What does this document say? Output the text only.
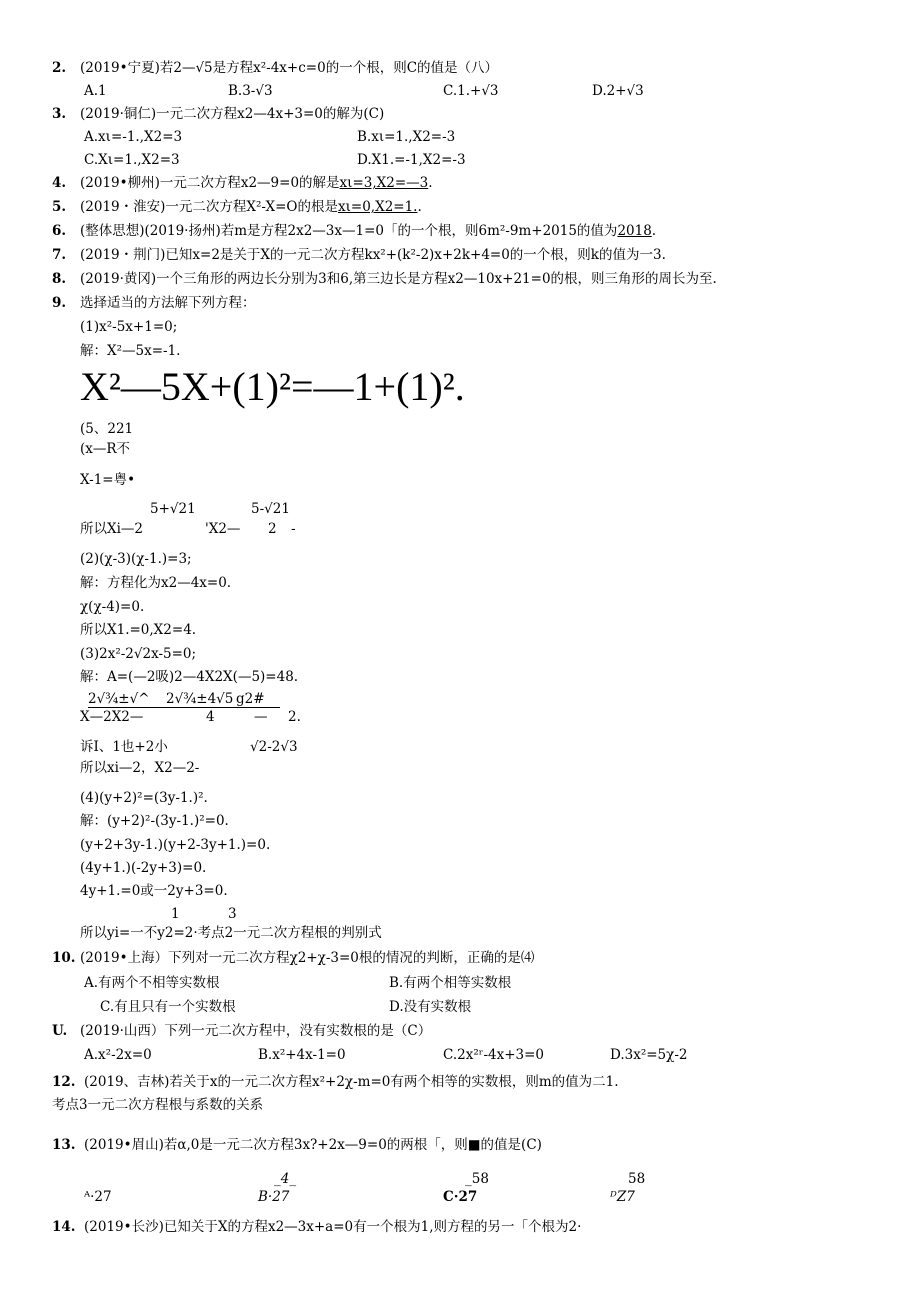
2. (2019•宁夏)若2—√5是方程x²-4x+c=0的一个根，则C的值是（八）
A.1	B.3-√3	C.1.+√3	D.2+√3
3. (2019·铜仁)一元二次方程x2—4x+3=0的解为(C)
A.xι=-1.,X2=3	B.xι=1.,X2=-3
C.Xι=1.,X2=3	D.X1.=-1,X2=-3
4. (2019•柳州)一元二次方程x2—9=0的解是xι=3,X2=—3.
5. (2019・淮安)一元二次方程X²-X=O的根是xι=0,X2=1..
6. (整体思想)(2019·扬州)若m是方程2x2—3x—1=0「的一个根，则6m²-9m+2015的值为2018.
7. (2019・荆门)已知x=2是关于X的一元二次方程kx²+(k²-2)x+2k+4=0的一个根，则k的值为一3.
8. (2019·黄冈)一个三角形的两边长分别为3和6,第三边长是方程x2—10x+21=0的根，则三角形的周长为至.
9. 选择适当的方法解下列方程：
(1)x²-5x+1=0;
解：X²—5x=-1.
X²—5X+(1)²=—1+(1)².
(5、221
(x—R不
X-1=粤•
5+√21	5-√21
所以Xi—2	'X2— 2 -
(2)(χ-3)(χ-1.)=3;
解：方程化为x2—4x=0.
χ(χ-4)=0.
所以X1.=0,X2=4.
(3)2x²-2√2x-5=0;
解：A=(—2吸)2—4X2X(—5)=48.
2√¾±√^ 2√¾±4√5 g2#
X—2X2—	4	— 2.
诉I、1也+2小	√2-2√3
所以xi—2，X2—2-
(4)(y+2)²=(3y-1.)².
解：(y+2)²-(3y-1.)²=0.
(y+2+3y-1.)(y+2-3y+1.)=0.
(4y+1.)(-2y+3)=0.
4y+1.=0或一2y+3=0.
1	3
所以yi=一不y2=2·考点2一元二次方程根的判别式
10. (2019•上海）下列对一元二次方程χ2+χ-3=0根的情况的判断，正确的是⑷
A.有两个不相等实数根	B.有两个相等实数根
C.有且只有一个实数根	D.没有实数根
U. (2019·山西）下列一元二次方程中，没有实数根的是（C）
A.x²-2x=0	B.x²+4x-1=0	C.2x²ʳ-4x+3=0	D.3x²=5χ-2
12. (2019、吉林)若关于x的一元二次方程x²+2χ-m=0有两个相等的实数根，则m的值为二1.
考点3一元二次方程根与系数的关系
13. (2019•眉山)若α,0是一元二次方程3x?+2x—9=0的两根「，则■的值是(C)
_4_	_58	58
ᴬ·27	B·27	C·27	ᴰZ7
14. (2019•长沙)已知关于X的方程x2—3x+a=0有一个根为1,则方程的另一「个根为2·
